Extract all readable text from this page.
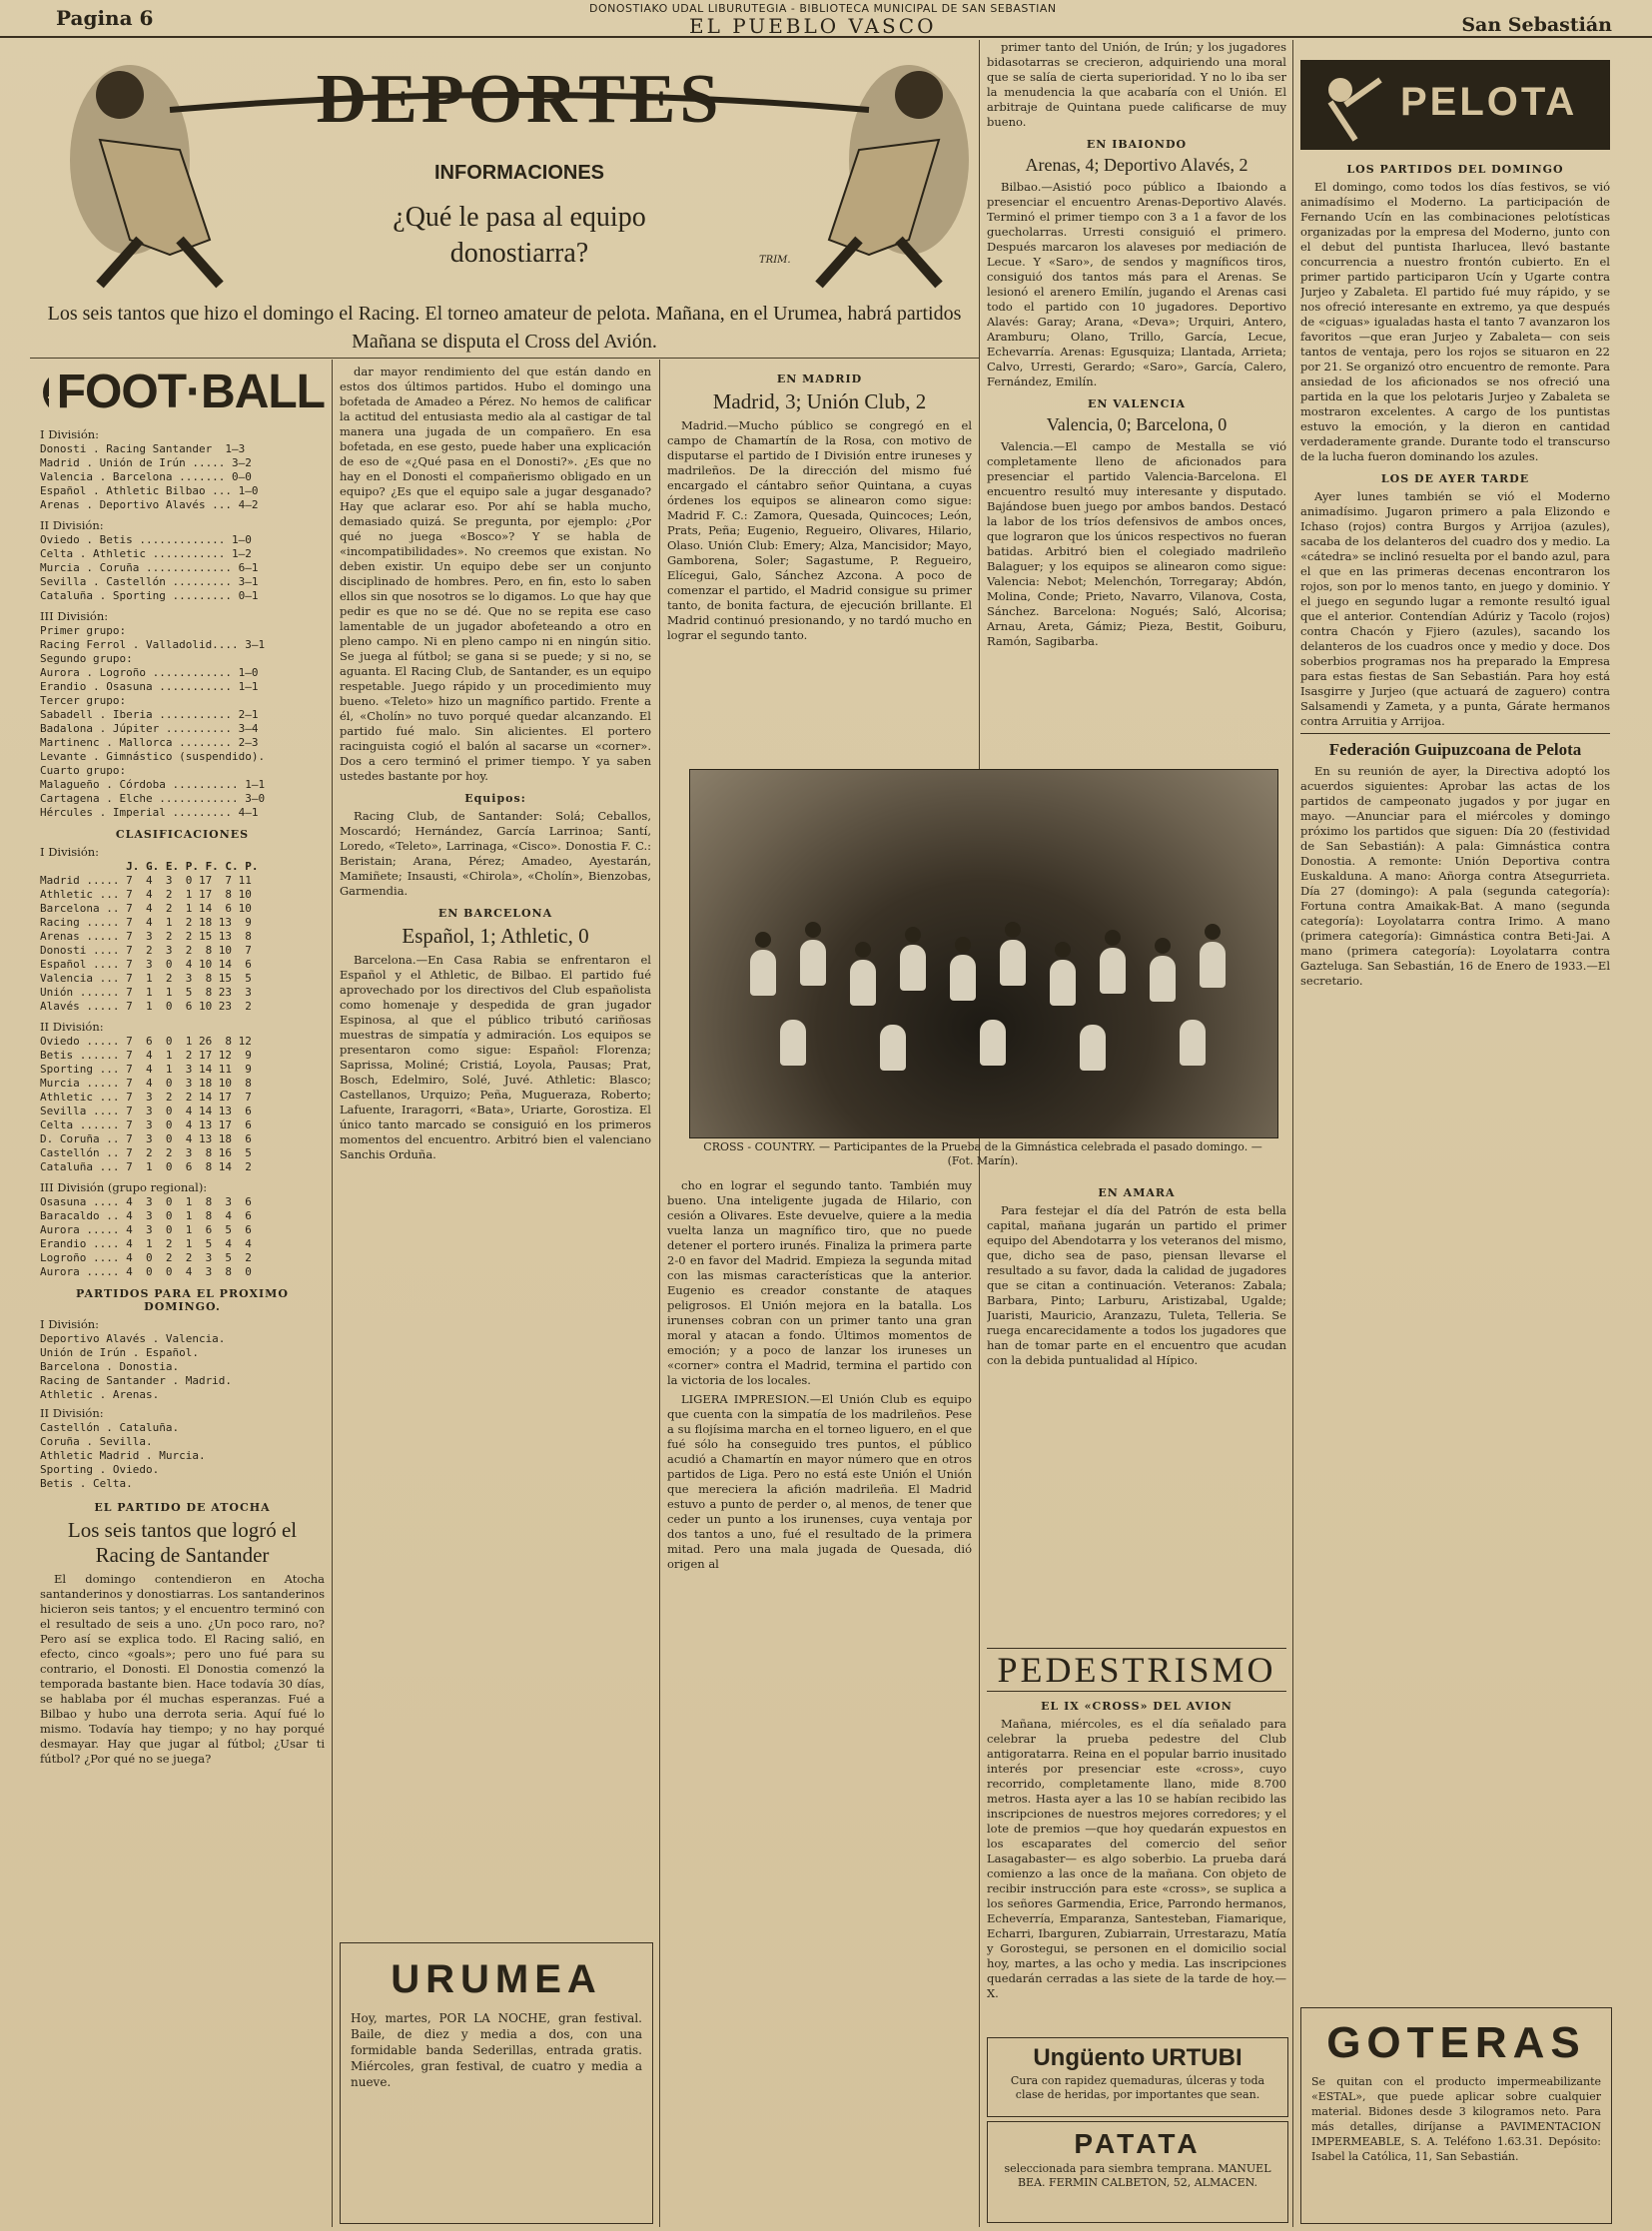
Pagina 6	DONOSTIAKO UDAL LIBURUTEGIA - BIBLIOTECA MUNICIPAL DE SAN SEBASTIAN
EL PUEBLO VASCO	San Sebastián
DEPORTES
INFORMACIONES
¿Qué le pasa al equipo donostiarra?	TRIM.
Los seis tantos que hizo el domingo el Racing. El torneo amateur de pelota. Mañana, en el Urumea, habrá partidos Mañana se disputa el Cross del Avión.
FOOT·BALL
I División:
Donosti . Racing Santander  1—3
Madrid . Unión de Irún ..... 3—2
Valencia . Barcelona ....... 0—0
Español . Athletic Bilbao ... 1—0
Arenas . Deportivo Alavés ... 4—2
II División:
Oviedo . Betis ............. 1—0
Celta . Athletic ........... 1—2
Murcia . Coruña ............. 6—1
Sevilla . Castellón ......... 3—1
Cataluña . Sporting ......... 0—1
III División:
Primer grupo:
Racing Ferrol . Valladolid.... 3—1
Segundo grupo:
Aurora . Logroño ............ 1—0
Erandio . Osasuna ........... 1—1
Tercer grupo:
Sabadell . Iberia ........... 2—1
Badalona . Júpiter .......... 3—4
Martinenc . Mallorca ........ 2—3
Levante . Gimnástico (suspendido).
Cuarto grupo:
Malagueño . Córdoba .......... 1—1
Cartagena . Elche ............ 3—0
Hércules . Imperial ......... 4—1
CLASIFICACIONES
I División:
J. G. E. P. F. C. P.
Madrid ..... 7  4  3  0 17  7 11
Athletic ... 7  4  2  1 17  8 10
Barcelona .. 7  4  2  1 14  6 10
Racing ..... 7  4  1  2 18 13  9
Arenas ..... 7  3  2  2 15 13  8
Donosti .... 7  2  3  2  8 10  7
Español .... 7  3  0  4 10 14  6
Valencia ... 7  1  2  3  8 15  5
Unión ...... 7  1  1  5  8 23  3
Alavés ..... 7  1  0  6 10 23  2
II División:
Oviedo ..... 7  6  0  1 26  8 12
Betis ...... 7  4  1  2 17 12  9
Sporting ... 7  4  1  3 14 11  9
Murcia ..... 7  4  0  3 18 10  8
Athletic ... 7  3  2  2 14 17  7
Sevilla .... 7  3  0  4 14 13  6
Celta ...... 7  3  0  4 13 17  6
D. Coruña .. 7  3  0  4 13 18  6
Castellón .. 7  2  2  3  8 16  5
Cataluña ... 7  1  0  6  8 14  2
III División (grupo regional):
Osasuna .... 4  3  0  1  8  3  6
Baracaldo .. 4  3  0  1  8  4  6
Aurora ..... 4  3  0  1  6  5  6
Erandio .... 4  1  2  1  5  4  4
Logroño .... 4  0  2  2  3  5  2
Aurora ..... 4  0  0  4  3  8  0
PARTIDOS PARA EL PROXIMO DOMINGO.
I División:
Deportivo Alavés . Valencia.
Unión de Irún . Español.
Barcelona . Donostia.
Racing de Santander . Madrid.
Athletic . Arenas.
II División:
Castellón . Cataluña.
Coruña . Sevilla.
Athletic Madrid . Murcia.
Sporting . Oviedo.
Betis . Celta.
EL PARTIDO DE ATOCHA
Los seis tantos que logró el Racing de Santander

El domingo contendieron en Atocha santanderinos y donostiarras. Los santanderinos hicieron seis tantos; y el encuentro terminó con el resultado de seis a uno. ¿Un poco raro, no? Pero así se explica todo. El Racing salió, en efecto, cinco «goals»; pero uno fué para su contrario, el Donosti. El Donostia comenzó la temporada bastante bien. Hace todavía 30 días, se hablaba por él muchas esperanzas. Fué a Bilbao y hubo una derrota seria. Aquí fué lo mismo. Todavía hay tiempo; y no hay porqué desmayar. Hay que jugar al fútbol; ¿Usar ti fútbol? ¿Por qué no se juega?

dar mayor rendimiento del que están dando en estos dos últimos partidos. Hubo el domingo una bofetada de Amadeo a Pérez. No hemos de calificar la actitud del entusiasta medio ala al castigar de tal manera una jugada de un compañero. En esa bofetada, en ese gesto, puede haber una explicación de eso de «¿Qué pasa en el Donosti?». ¿Es que no hay en el Donosti el compañerismo obligado en un equipo? ¿Es que el equipo sale a jugar desganado? Hay que aclarar eso. Por ahí se habla mucho, demasiado quizá. Se pregunta, por ejemplo: ¿Por qué no juega «Bosco»? Y se habla de «incompatibilidades». No creemos que existan. No deben existir. Un equipo debe ser un conjunto disciplinado de hombres. Pero, en fin, esto lo saben ellos sin que nosotros se lo digamos. Lo que hay que pedir es que no se dé. Que no se repita ese caso lamentable de un jugador abofeteando a otro en pleno campo. Ni en pleno campo ni en ningún sitio. Se juega al fútbol; se gana si se puede; y si no, se aguanta. El Racing Club, de Santander, es un equipo respetable. Juego rápido y un procedimiento muy bueno. «Teleto» hizo un magnífico partido. Frente a él, «Cholín» no tuvo porqué quedar alcanzando. El partido fué malo. Sin alicientes. El portero racinguista cogió el balón al sacarse un «corner». Dos a cero terminó el primer tiempo. Y ya saben ustedes bastante por hoy.

Equipos:

Racing Club, de Santander: Solá; Ceballos, Moscardó; Hernández, García Larrinoa; Santí, Loredo, «Teleto», Larrinaga, «Cisco». Donostia F. C.: Beristain; Arana, Pérez; Amadeo, Ayestarán, Mamiñete; Insausti, «Chirola», «Cholín», Bienzobas, Garmendia.

EN BARCELONA
Español, 1; Athletic, 0

Barcelona.—En Casa Rabia se enfrentaron el Español y el Athletic, de Bilbao. El partido fué aprovechado por los directivos del Club españolista como homenaje y despedida de gran jugador Espinosa, al que el público tributó cariñosas muestras de simpatía y admiración. Los equipos se presentaron como sigue: Español: Florenza; Saprissa, Moliné; Cristiá, Loyola, Pausas; Prat, Bosch, Edelmiro, Solé, Juvé. Athletic: Blasco; Castellanos, Urquizo; Peña, Mugueraza, Roberto; Lafuente, Iraragorri, «Bata», Uriarte, Gorostiza. El único tanto marcado se consiguió en los primeros momentos del encuentro. Arbitró bien el valenciano Sanchis Orduña.

URUMEA
Hoy, martes, POR LA NOCHE, gran festival. Baile, de diez y media a dos, con una formidable banda Sederillas, entrada gratis. Miércoles, gran festival, de cuatro y media a nueve.
EN MADRID
Madrid, 3; Unión Club, 2

Madrid.—Mucho público se congregó en el campo de Chamartín de la Rosa, con motivo de disputarse el partido de I División entre iruneses y madrileños. De la dirección del mismo fué encargado el cántabro señor Quintana, a cuyas órdenes los equipos se alinearon como sigue: Madrid F. C.: Zamora, Quesada, Quincoces; León, Prats, Peña; Eugenio, Regueiro, Olivares, Hilario, Olaso. Unión Club: Emery; Alza, Mancisidor; Mayo, Gamborena, Soler; Sagastume, P. Regueiro, Elícegui, Galo, Sánchez Azcona. A poco de comenzar el partido, el Madrid consigue su primer tanto, de bonita factura, de ejecución brillante. El Madrid continuó presionando, y no tardó mucho en lograr el segundo tanto.

CROSS - COUNTRY. — Participantes de la Prueba de la Gimnástica celebrada el pasado domingo. — (Fot. Marín).

cho en lograr el segundo tanto. También muy bueno. Una inteligente jugada de Hilario, con cesión a Olivares. Este devuelve, quiere a la media vuelta lanza un magnífico tiro, que no puede detener el portero irunés. Finaliza la primera parte 2-0 en favor del Madrid. Empieza la segunda mitad con las mismas características que la anterior. Eugenio es creador constante de ataques peligrosos. El Unión mejora en la batalla. Los irunenses cobran con un primer tanto una gran moral y atacan a fondo. Últimos momentos de emoción; y a poco de lanzar los iruneses un «corner» contra el Madrid, termina el partido con la victoria de los locales.

LIGERA IMPRESION.—El Unión Club es equipo que cuenta con la simpatía de los madrileños. Pese a su flojísima marcha en el torneo liguero, en el que fué sólo ha conseguido tres puntos, el público acudió a Chamartín en mayor número que en otros partidos de Liga. Pero no está este Unión el Unión que mereciera la afición madrileña. El Madrid estuvo a punto de perder o, al menos, de tener que ceder un punto a los irunenses, cuya ventaja por dos tantos a uno, fué el resultado de la primera mitad. Pero una mala jugada de Quesada, dió origen al

primer tanto del Unión, de Irún; y los jugadores bidasotarras se crecieron, adquiriendo una moral que se salía de cierta superioridad. Y no lo iba ser la menudencia la que acabaría con el Unión. El arbitraje de Quintana puede calificarse de muy bueno.

EN IBAIONDO
Arenas, 4; Deportivo Alavés, 2

Bilbao.—Asistió poco público a Ibaiondo a presenciar el encuentro Arenas-Deportivo Alavés. Terminó el primer tiempo con 3 a 1 a favor de los guecholarras. Urresti consiguió el primero. Después marcaron los alaveses por mediación de Lecue. Y «Saro», de sendos y magníficos tiros, consiguió dos tantos más para el Arenas. Se lesionó el arenero Emilín, jugando el Arenas casi todo el partido con 10 jugadores. Deportivo Alavés: Garay; Arana, «Deva»; Urquiri, Antero, Aramburu; Olano, Trillo, García, Lecue, Echevarría. Arenas: Egusquiza; Llantada, Arrieta; Calvo, Urresti, Gerardo; «Saro», García, Calero, Fernández, Emilín.

EN VALENCIA
Valencia, 0; Barcelona, 0

Valencia.—El campo de Mestalla se vió completamente lleno de aficionados para presenciar el partido Valencia-Barcelona. El encuentro resultó muy interesante y disputado. Bajándose buen juego por ambos bandos. Destacó la labor de los tríos defensivos de ambos onces, que lograron que los únicos respectivos no fueran batidas. Arbitró bien el colegiado madrileño Balaguer; y los equipos se alinearon como sigue: Valencia: Nebot; Melenchón, Torregaray; Abdón, Molina, Conde; Prieto, Navarro, Vilanova, Costa, Sánchez. Barcelona: Nogués; Saló, Alcorisa; Arnau, Areta, Gámiz; Pieza, Bestit, Goiburu, Ramón, Sagibarba.

EN AMARA

Para festejar el día del Patrón de esta bella capital, mañana jugarán un partido el primer equipo del Abendotarra y los veteranos del mismo, que, dicho sea de paso, piensan llevarse el resultado a su favor, dada la calidad de jugadores que se citan a continuación. Veteranos: Zabala; Barbara, Pinto; Larburu, Aristizabal, Ugalde; Juaristi, Mauricio, Aranzazu, Tuleta, Telleria. Se ruega encarecidamente a todos los jugadores que han de tomar parte en el encuentro que acudan con la debida puntualidad al Hípico.

PEDESTRISMO
EL IX «CROSS» DEL AVION

Mañana, miércoles, es el día señalado para celebrar la prueba pedestre del Club antigoratarra. Reina en el popular barrio inusitado interés por presenciar este «cross», cuyo recorrido, completamente llano, mide 8.700 metros. Hasta ayer a las 10 se habían recibido las inscripciones de nuestros mejores corredores; y el lote de premios —que hoy quedarán expuestos en los escaparates del comercio del señor Lasagabaster— es algo soberbio. La prueba dará comienzo a las once de la mañana. Con objeto de recibir instrucción para este «cross», se suplica a los señores Garmendia, Erice, Parrondo hermanos, Echeverría, Emparanza, Santesteban, Fiamarique, Echarri, Ibarguren, Zubiarrain, Urrestarazu, Matía y Gorostegui, se personen en el domicilio social hoy, martes, a las ocho y media. Las inscripciones quedarán cerradas a las siete de la tarde de hoy.—X.

Ungüento URTUBI
Cura con rapidez quemaduras, úlceras y toda clase de heridas, por importantes que sean.
PATATA
seleccionada para siembra temprana. MANUEL BEA. FERMIN CALBETON, 52, ALMACEN.
PELOTA
LOS PARTIDOS DEL DOMINGO

El domingo, como todos los días festivos, se vió animadísimo el Moderno. La participación de Fernando Ucín en las combinaciones pelotísticas organizadas por la empresa del Moderno, junto con el debut del puntista Iharlucea, llevó bastante concurrencia a nuestro frontón cubierto. En el primer partido participaron Ucín y Ugarte contra Jurjeo y Zabaleta. El partido fué muy rápido, y se nos ofreció interesante en extremo, ya que después de «ciguas» igualadas hasta el tanto 7 avanzaron los favoritos —que eran Jurjeo y Zabaleta— con seis tantos de ventaja, pero los rojos se situaron en 22 por 21. Se organizó otro encuentro de remonte. Para ansiedad de los aficionados se nos ofreció una partida en la que los pelotaris Jurjeo y Zabaleta se mostraron excelentes. A cargo de los puntistas estuvo la emoción, y la dieron en cantidad verdaderamente grande. Durante todo el transcurso de la lucha fueron dominando los azules.

LOS DE AYER TARDE

Ayer lunes también se vió el Moderno animadísimo. Jugaron primero a pala Elizondo e Ichaso (rojos) contra Burgos y Arrijoa (azules), sacaba de los delanteros del cuadro dos y medio. La «cátedra» se inclinó resuelta por el bando azul, para el que en las primeras decenas encontraron los rojos, son por lo menos tanto, en juego y dominio. Y el juego en segundo lugar a remonte resultó igual que el anterior. Contendían Adúriz y Tacolo (rojos) contra Chacón y Fjiero (azules), sacando los delanteros de los cuadros once y medio y doce. Dos soberbios programas nos ha preparado la Empresa para estas fiestas de San Sebastián. Para hoy está Isasgirre y Jurjeo (que actuará de zaguero) contra Salsamendi y Zameta, y a punta, Gárate hermanos contra Arruitia y Arrijoa.

Federación Guipuzcoana de Pelota

En su reunión de ayer, la Directiva adoptó los acuerdos siguientes: Aprobar las actas de los partidos de campeonato jugados y por jugar en mayo. —Anunciar para el miércoles y domingo próximo los partidos que siguen: Día 20 (festividad de San Sebastián): A pala: Gimnástica contra Donostia. A remonte: Unión Deportiva contra Euskalduna. A mano: Añorga contra Atsegurrieta. Día 27 (domingo): A pala (segunda categoría): Fortuna contra Amaikak-Bat. A mano (segunda categoría): Loyolatarra contra Irimo. A mano (primera categoría): Gimnástica contra Beti-Jai. A mano (primera categoría): Loyolatarra contra Gazteluga. San Sebastián, 16 de Enero de 1933.—El secretario.

GOTERAS
Se quitan con el producto impermeabilizante «ESTAL», que puede aplicar sobre cualquier material. Bidones desde 3 kilogramos neto. Para más detalles, diríjanse a PAVIMENTACION IMPERMEABLE, S. A. Teléfono 1.63.31. Depósito: Isabel la Católica, 11, San Sebastián.
